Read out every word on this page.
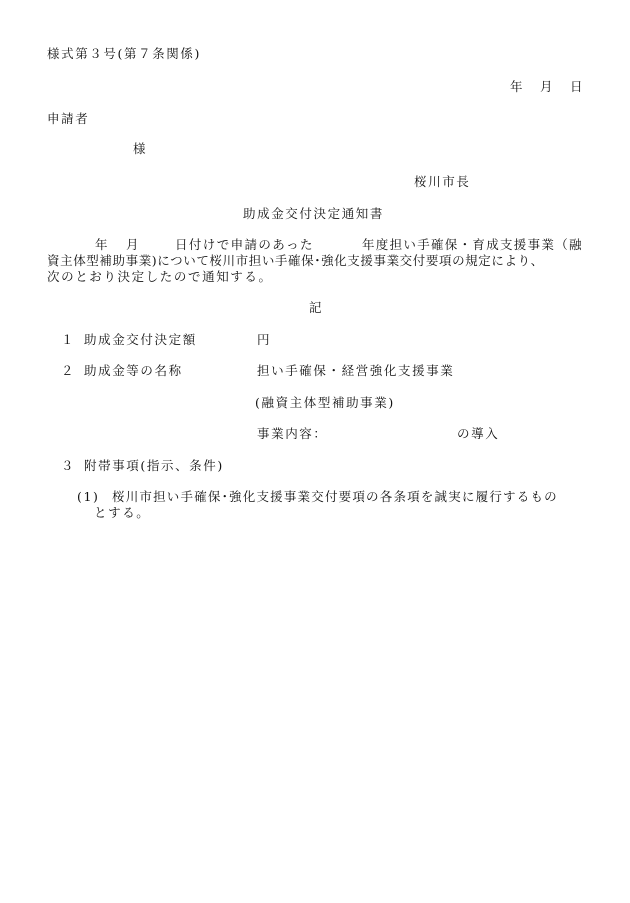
様式第３号(第７条関係)
年 月 日
申請者
様
桜川市長
助成金交付決定通知書
年 月	日付けで申請のあった	年度担い手確保・育成支援事業（融
資主体型補助事業)について桜川市担い手確保･強化支援事業交付要項の規定により、
次のとおり決定したので通知する。
記
１ 助成金交付決定額	円
２ 助成金等の名称	担い手確保・経営強化支援事業
(融資主体型補助事業)
事業内容：	の導入
３ 附帯事項(指示、条件)
(1) 桜川市担い手確保･強化支援事業交付要項の各条項を誠実に履行するもの
とする。
